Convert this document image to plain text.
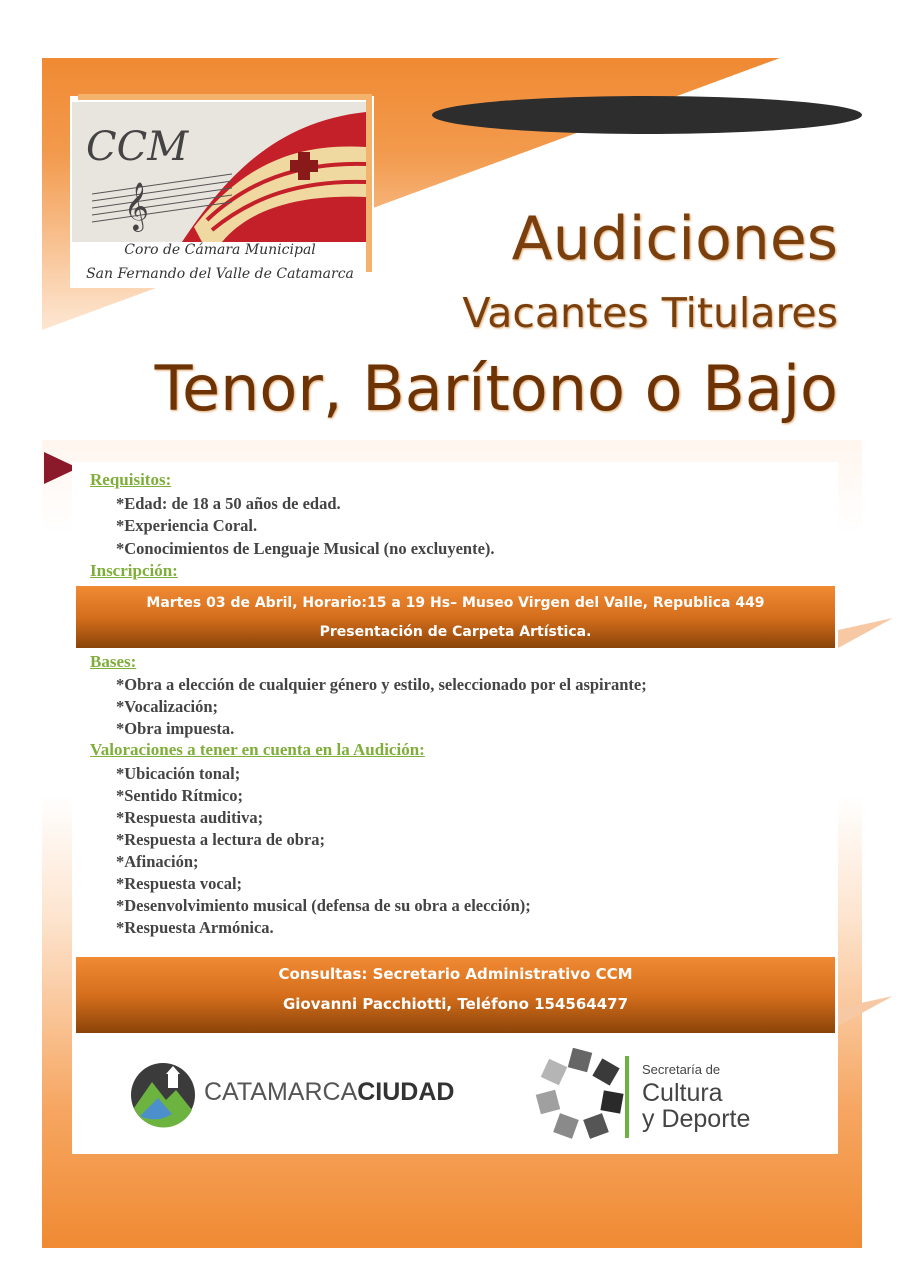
𝄞
CCM
Coro de Cámara Municipal
San Fernando del Valle de Catamarca	Audiciones
Vacantes Titulares
Tenor, Barítono o Bajo
Requisitos:
*Edad: de 18 a 50 años de edad.
*Experiencia Coral.
*Conocimientos de Lenguaje Musical (no excluyente).
Inscripción:
Bases:
*Obra a elección de cualquier género y estilo, seleccionado por el aspirante;
*Vocalización;
*Obra impuesta.
Valoraciones a tener en cuenta en la Audición:
*Ubicación tonal;
*Sentido Rítmico;
*Respuesta auditiva;
*Respuesta a lectura de obra;
*Afinación;
*Respuesta vocal;
*Desenvolvimiento musical (defensa de su obra a elección);
*Respuesta Armónica.
Martes 03 de Abril, Horario:15 a 19 Hs– Museo Virgen del Valle, Republica 449
Presentación de Carpeta Artística.
Consultas: Secretario Administrativo CCM
Giovanni Pacchiotti, Teléfono 154564477
CATAMARCACIUDAD
Secretaría de
Cultura
y Deporte
